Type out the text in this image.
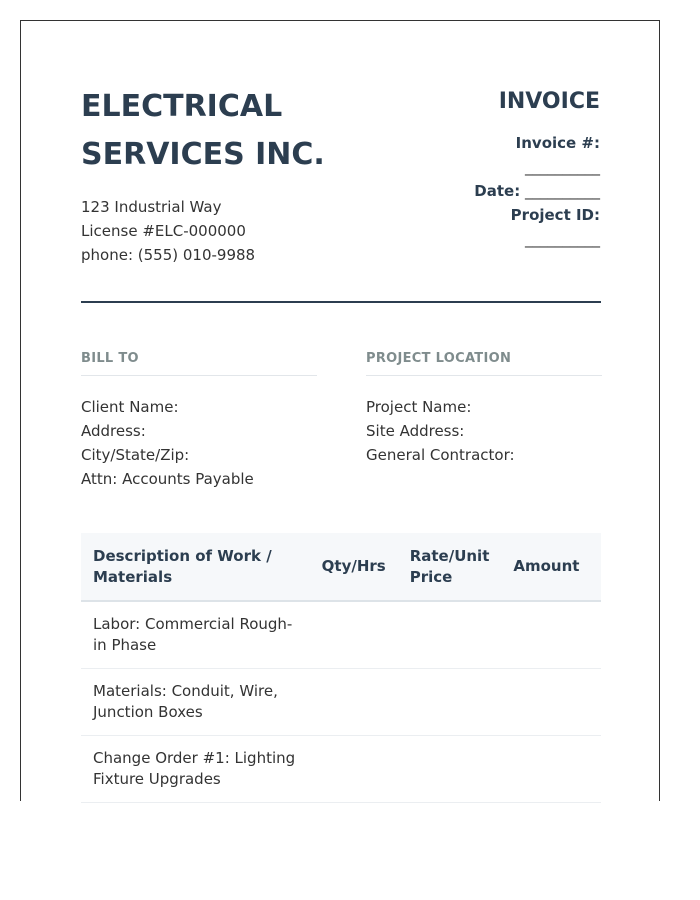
ELECTRICAL SERVICES INC.
123 Industrial Way
License #ELC-000000
phone: (555) 010-9988
INVOICE
Invoice #:
__________
Date: __________
Project ID:
__________
BILL TO
Client Name:
Address:
City/State/Zip:
Attn: Accounts Payable
PROJECT LOCATION
Project Name:
Site Address:
General Contractor:
Description of Work / Materials	Qty/Hrs	Rate/Unit Price	Amount
Labor: Commercial Rough-in Phase			
Materials: Conduit, Wire, Junction Boxes			
Change Order #1: Lighting Fixture Upgrades			
